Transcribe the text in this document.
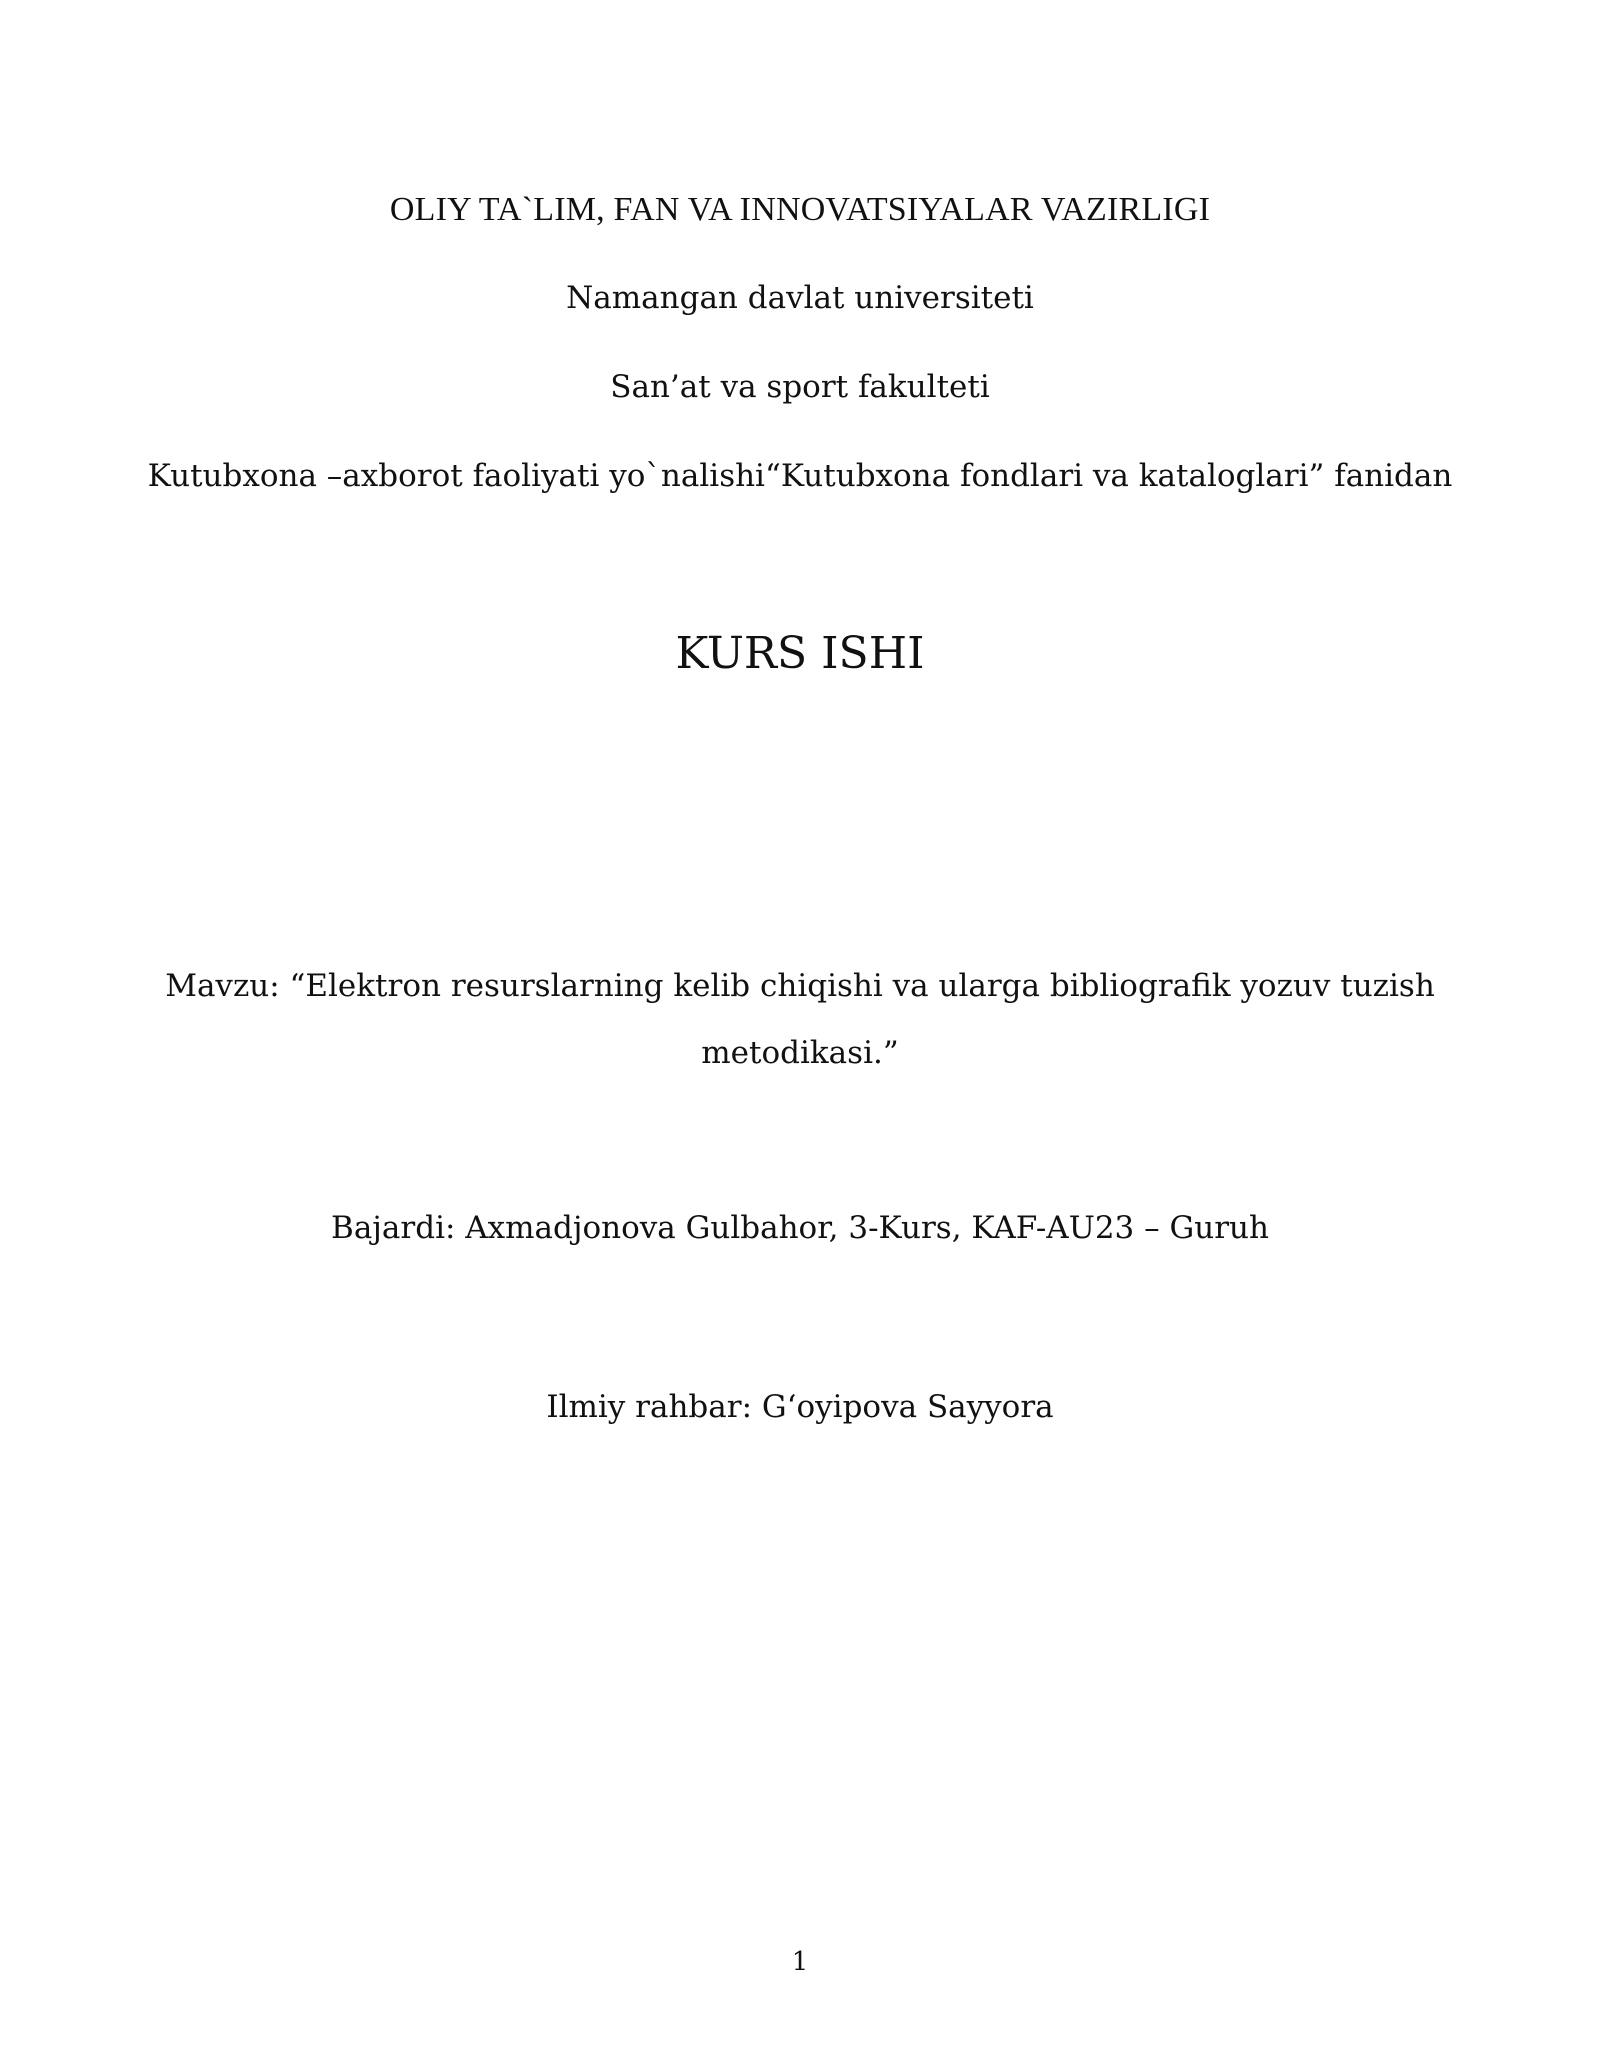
OLIY TA`LIM, FAN VA INNOVATSIYALAR VAZIRLIGI
Namangan davlat universiteti
San’at va sport fakulteti
Kutubxona –axborot faoliyati yo`nalishi“Kutubxona fondlari va kataloglari” fanidan
KURS ISHI
Mavzu: “Elektron resurslarning kelib chiqishi va ularga bibliografik yozuv tuzish
metodikasi.”
Bajardi: Axmadjonova Gulbahor, 3-Kurs, KAF-AU23 – Guruh
Ilmiy rahbar: G‘oyipova Sayyora
1
